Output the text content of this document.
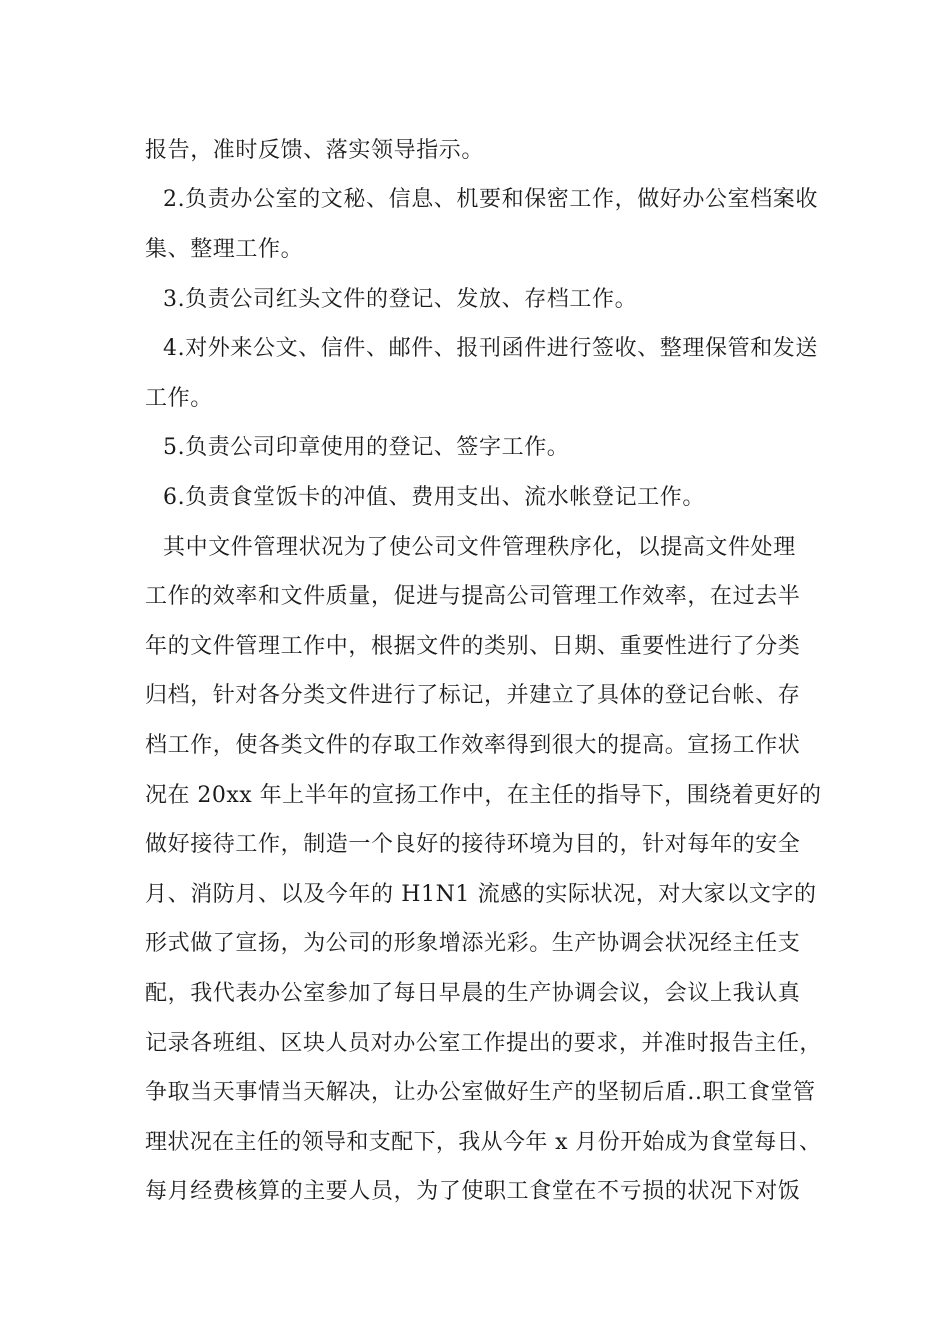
报告，准时反馈、落实领导指示。
2.负责办公室的文秘、信息、机要和保密工作，做好办公室档案收
集、整理工作。
3.负责公司红头文件的登记、发放、存档工作。
4.对外来公文、信件、邮件、报刊函件进行签收、整理保管和发送
工作。
5.负责公司印章使用的登记、签字工作。
6.负责食堂饭卡的冲值、费用支出、流水帐登记工作。
其中文件管理状况为了使公司文件管理秩序化，以提高文件处理
工作的效率和文件质量，促进与提高公司管理工作效率，在过去半
年的文件管理工作中，根据文件的类别、日期、重要性进行了分类
归档，针对各分类文件进行了标记，并建立了具体的登记台帐、存
档工作，使各类文件的存取工作效率得到很大的提高。宣扬工作状
况在 20xx 年上半年的宣扬工作中，在主任的指导下，围绕着更好的
做好接待工作，制造一个良好的接待环境为目的，针对每年的安全
月、消防月、以及今年的 H1N1 流感的实际状况，对大家以文字的
形式做了宣扬，为公司的形象增添光彩。生产协调会状况经主任支
配，我代表办公室参加了每日早晨的生产协调会议，会议上我认真
记录各班组、区块人员对办公室工作提出的要求，并准时报告主任，
争取当天事情当天解决，让办公室做好生产的坚韧后盾..职工食堂管
理状况在主任的领导和支配下，我从今年 x 月份开始成为食堂每日、
每月经费核算的主要人员，为了使职工食堂在不亏损的状况下对饭
